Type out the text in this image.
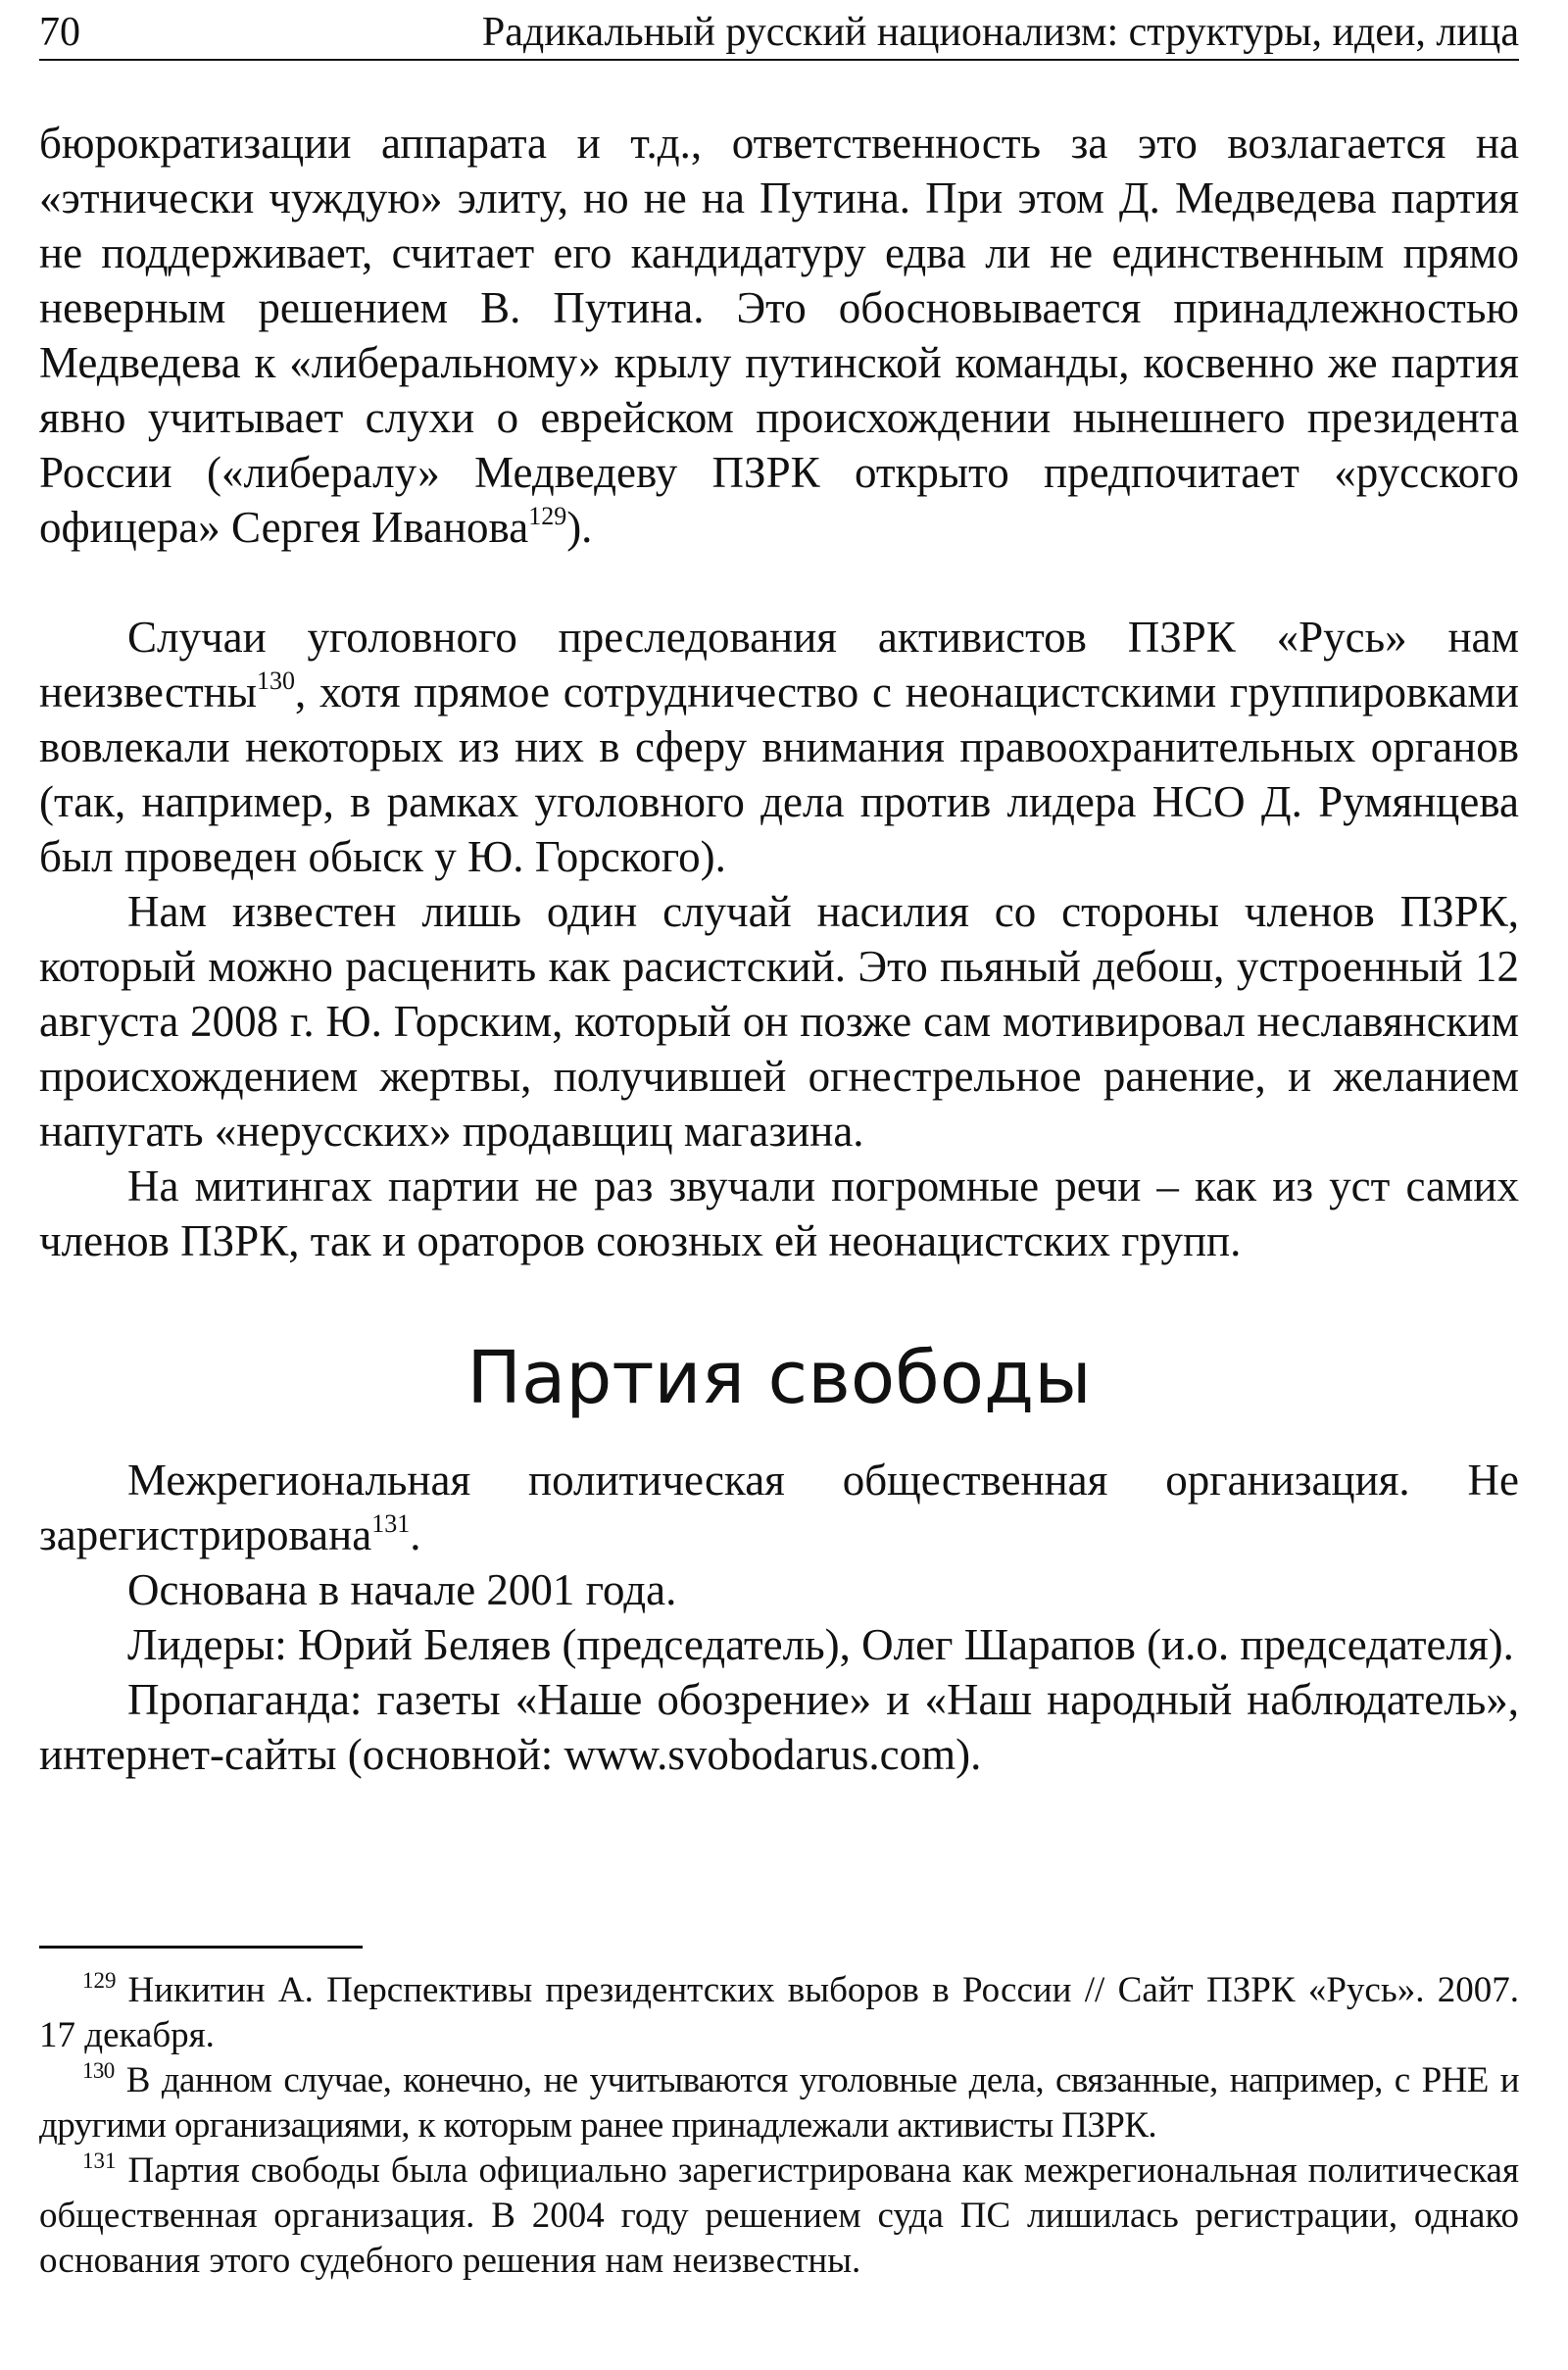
70	Радикальный русский национализм: структуры, идеи, лица

бюрократизации аппарата и т.д., ответственность за это возлагается на «этнически чуждую» элиту, но не на Путина. При этом Д. Медведева партия не поддерживает, считает его кандидатуру едва ли не единственным прямо неверным решением В. Путина. Это обосновывается принадлежностью Медведева к «либеральному» крылу путинской команды, косвенно же партия явно учитывает слухи о еврейском происхождении нынешнего президента России («либералу» Медведеву ПЗРК открыто предпочитает «русского офицера» Сергея Иванова$^{129}$).

Случаи уголовного преследования активистов ПЗРК «Русь» нам неизвестны$^{130}$, хотя прямое сотрудничество с неонацистскими группировками вовлекали некоторых из них в сферу внимания правоохранительных органов (так, например, в рамках уголовного дела против лидера НСО Д. Румянцева был проведен обыск у Ю. Горского).

Нам известен лишь один случай насилия со стороны членов ПЗРК, который можно расценить как расистский. Это пьяный дебош, устроенный 12 августа 2008 г. Ю. Горским, который он позже сам мотивировал неславянским происхождением жертвы, получившей огнестрельное ранение, и желанием напугать «нерусских» продавщиц магазина.

На митингах партии не раз звучали погромные речи – как из уст самих членов ПЗРК, так и ораторов союзных ей неонацистских групп.

Партия свободы

Межрегиональная политическая общественная организация. Не зарегистрирована$^{131}$.

Основана в начале 2001 года.

Лидеры: Юрий Беляев (председатель), Олег Шарапов (и.о. председателя).

Пропаганда: газеты «Наше обозрение» и «Наш народный наблюдатель», интернет-сайты (основной: www.svobodarus.com).

$^{129}$ Никитин А. Перспективы президентских выборов в России // Сайт ПЗРК «Русь». 2007. 17 декабря.

$^{130}$ В данном случае, конечно, не учитываются уголовные дела, связанные, например, с РНЕ и другими организациями, к которым ранее принадлежали активисты ПЗРК.

$^{131}$ Партия свободы была официально зарегистрирована как межрегиональная политическая общественная организация. В 2004 году решением суда ПС лишилась регистрации, однако основания этого судебного решения нам неизвестны.
